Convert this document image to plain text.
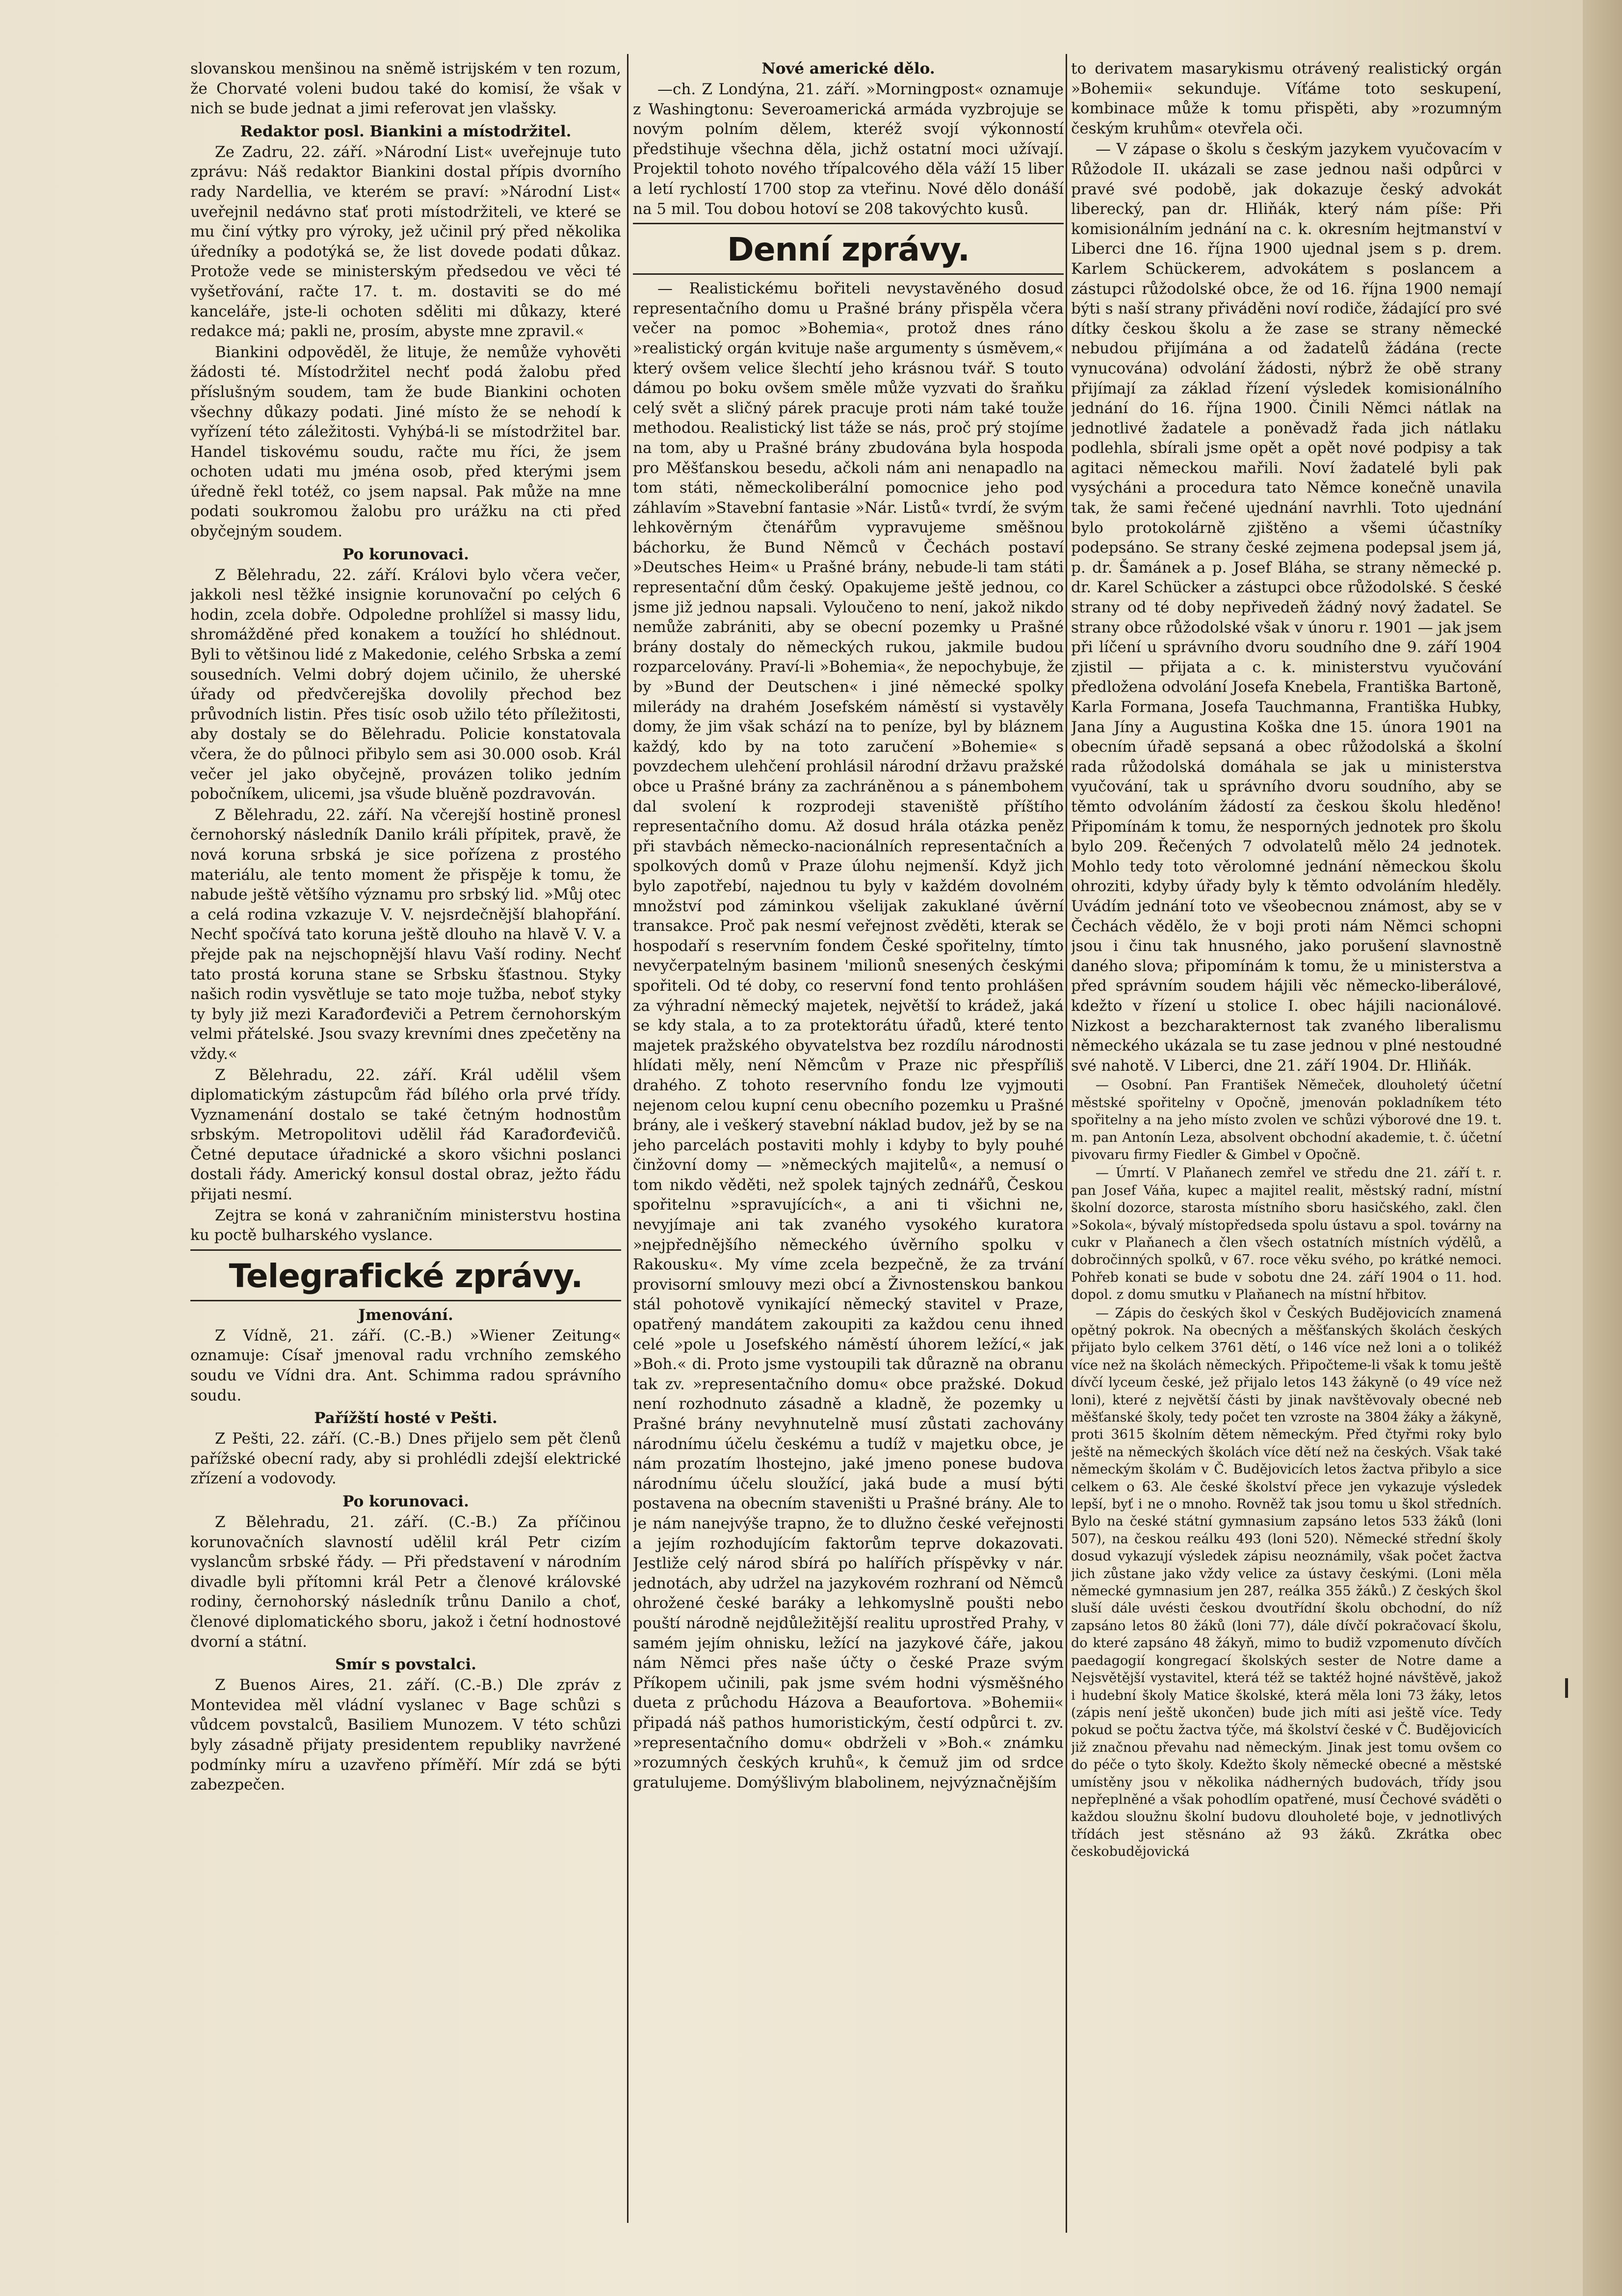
slovanskou menšinou na sněmě istrijském v ten rozum, že Chorvaté voleni budou také do komisí, že však v nich se bude jednat a jimi referovat jen vlašsky.

Redaktor posl. Biankini a místodržitel.

Ze Zadru, 22. září. »Národní List« uveřejnuje tuto zprávu: Náš redaktor Biankini dostal přípis dvorního rady Nardellia, ve kterém se praví: »Národní List« uveřejnil nedávno stať proti místodržiteli, ve které se mu činí výtky pro výroky, jež učinil prý před několika úředníky a podotýká se, že list dovede podati důkaz. Protože vede se ministerským předsedou ve věci té vyšetřování, račte 17. t. m. dostaviti se do mé kanceláře, jste-li ochoten sděliti mi důkazy, které redakce má; pakli ne, prosím, abyste mne zpravil.«

Biankini odpověděl, že lituje, že nemůže vyhověti žádosti té. Místodržitel nechť podá žalobu před příslušným soudem, tam že bude Biankini ochoten všechny důkazy podati. Jiné místo že se nehodí k vyřízení této záležitosti. Vyhýbá-li se místodržitel bar. Handel tiskovému soudu, račte mu říci, že jsem ochoten udati mu jména osob, před kterými jsem úředně řekl totéž, co jsem napsal. Pak může na mne podati soukromou žalobu pro urážku na cti před obyčejným soudem.

Po korunovaci.

Z Bělehradu, 22. září. Královi bylo včera večer, jakkoli nesl těžké insignie korunovační po celých 6 hodin, zcela dobře. Odpoledne prohlížel si massy lidu, shromážděné před konakem a toužící ho shlédnout. Byli to většinou lidé z Makedonie, celého Srbska a zemí sousedních. Velmi dobrý dojem učinilo, že uherské úřady od předvčerejška dovolily přechod bez průvodních listin. Přes tisíc osob užilo této příležitosti, aby dostaly se do Bělehradu. Policie konstatovala včera, že do půlnoci přibylo sem asi 30.000 osob. Král večer jel jako obyčejně, provázen toliko jedním pobočníkem, ulicemi, jsa všude bluěně pozdravován.

Z Bělehradu, 22. září. Na včerejší hostině pronesl černohorský následník Danilo králi přípitek, pravě, že nová koruna srbská je sice pořízena z prostého materiálu, ale tento moment že přispěje k tomu, že nabude ještě většího významu pro srbský lid. »Můj otec a celá rodina vzkazuje V. V. nejsrdečnější blahopřání. Nechť spočívá tato koruna ještě dlouho na hlavě V. V. a přejde pak na nejschopnější hlavu Vaší rodiny. Nechť tato prostá koruna stane se Srbsku šťastnou. Styky našich rodin vysvětluje se tato moje tužba, neboť styky ty byly již mezi Karađorđeviči a Petrem černohorským velmi přátelské. Jsou svazy krevními dnes zpečetěny na vždy.«

Z Bělehradu, 22. září. Král udělil všem diplomatickým zástupcům řád bílého orla prvé třídy. Vyznamenání dostalo se také četným hodnostům srbským. Metropolitovi udělil řád Karađorđevičů. Četné deputace úřadnické a skoro všichni poslanci dostali řády. Americký konsul dostal obraz, ježto řádu přijati nesmí.

Zejtra se koná v zahraničním ministerstvu hostina ku poctě bulharského vyslance.

Telegrafické zprávy.
Jmenování.

Z Vídně, 21. září. (C.-B.) »Wiener Zeitung« oznamuje: Císař jmenoval radu vrchního zemského soudu ve Vídni dra. Ant. Schimma radou správního soudu.

Pařížští hosté v Pešti.

Z Pešti, 22. září. (C.-B.) Dnes přijelo sem pět členů pařížské obecní rady, aby si prohlédli zdejší elektrické zřízení a vodovody.

Po korunovaci.

Z Bělehradu, 21. září. (C.-B.) Za příčinou korunovačních slavností udělil král Petr cizím vyslancům srbské řády. — Při představení v národním divadle byli přítomni král Petr a členové královské rodiny, černohorský následník trůnu Danilo a choť, členové diplomatického sboru, jakož i četní hodnostové dvorní a státní.

Smír s povstalci.

Z Buenos Aires, 21. září. (C.-B.) Dle zpráv z Montevidea měl vládní vyslanec v Bage schůzi s vůdcem povstalců, Basiliem Munozem. V této schůzi byly zásadně přijaty presidentem republiky navržené podmínky míru a uzavřeno příměří. Mír zdá se býti zabezpečen.

Nové americké dělo.

—ch. Z Londýna, 21. září. »Morningpost« oznamuje z Washingtonu: Severoamerická armáda vyzbrojuje se novým polním dělem, kteréž svojí výkonností předstihuje všechna děla, jichž ostatní moci užívají. Projektil tohoto nového třípalcového děla váží 15 liber a letí rychlostí 1700 stop za vteřinu. Nové dělo donáší na 5 mil. Tou dobou hotoví se 208 takovýchto kusů.

Denní zprávy.

— Realistickému bořiteli nevystavěného dosud representačního domu u Prašné brány přispěla včera večer na pomoc »Bohemia«, protož dnes ráno »realistický orgán kvituje naše argumenty s úsměvem,« který ovšem velice šlechtí jeho krásnou tvář. S touto dámou po boku ovšem směle může vyzvati do šraňku celý svět a sličný párek pracuje proti nám také touže methodou. Realistický list táže se nás, proč prý stojíme na tom, aby u Prašné brány zbudována byla hospoda pro Měšťanskou besedu, ačkoli nám ani nenapadlo na tom státi, německoliberální pomocnice jeho pod záhlavím »Stavební fantasie »Nár. Listů« tvrdí, že svým lehkověrným čtenářům vypravujeme směšnou báchorku, že Bund Němců v Čechách postaví »Deutsches Heim« u Prašné brány, nebude-li tam státi representační dům český. Opakujeme ještě jednou, co jsme již jednou napsali. Vyloučeno to není, jakož nikdo nemůže zabrániti, aby se obecní pozemky u Prašné brány dostaly do německých rukou, jakmile budou rozparcelovány. Praví-li »Bohemia«, že nepochybuje, že by »Bund der Deutschen« i jiné německé spolky milerády na drahém Josefském náměstí si vystavěly domy, že jim však schází na to peníze, byl by bláznem každý, kdo by na toto zaručení »Bohemie« s povzdechem ulehčení prohlásil národní državu pražské obce u Prašné brány za zachráněnou a s pánembohem dal svolení k rozprodeji staveniště příštího representačního domu. Až dosud hrála otázka peněz při stavbách německo-nacionálních representačních a spolkových domů v Praze úlohu nejmenší. Když jich bylo zapotřebí, najednou tu byly v každém dovolném množství pod záminkou všelijak zakuklané úvěrní transakce. Proč pak nesmí veřejnost zvěděti, kterak se hospodaří s reservním fondem České spořitelny, tímto nevyčerpatelným basinem 'milionů snesených českými spořiteli. Od té doby, co reservní fond tento prohlášen za výhradní německý majetek, největší to krádež, jaká se kdy stala, a to za protektorátu úřadů, které tento majetek pražského obyvatelstva bez rozdílu národnosti hlídati měly, není Němcům v Praze nic přespříliš drahého. Z tohoto reservního fondu lze vyjmouti nejenom celou kupní cenu obecního pozemku u Prašné brány, ale i veškerý stavební náklad budov, jež by se na jeho parcelách postaviti mohly i kdyby to byly pouhé činžovní domy — »německých majitelů«, a nemusí o tom nikdo věděti, než spolek tajných zednářů, Českou spořitelnu »spravujících«, a ani ti všichni ne, nevyjímaje ani tak zvaného vysokého kuratora »nejpřednějšího německého úvěrního spolku v Rakousku«. My víme zcela bezpečně, že za trvání provisorní smlouvy mezi obcí a Živnostenskou bankou stál pohotově vynikající německý stavitel v Praze, opatřený mandátem zakoupiti za každou cenu ihned celé »pole u Josefského náměstí úhorem ležící,« jak »Boh.« di. Proto jsme vystoupili tak důrazně na obranu tak zv. »representačního domu« obce pražské. Dokud není rozhodnuto zásadně a kladně, že pozemky u Prašné brány nevyhnutelně musí zůstati zachovány národnímu účelu českému a tudíž v majetku obce, je nám prozatím lhostejno, jaké jmeno ponese budova národnímu účelu sloužící, jaká bude a musí býti postavena na obecním staveništi u Prašné brány. Ale to je nám nanejvýše trapno, že to dlužno české veřejnosti a jejím rozhodujícím faktorům teprve dokazovati. Jestliže celý národ sbírá po halířích příspěvky v nár. jednotách, aby udržel na jazykovém rozhraní od Němců ohrožené české baráky a lehkomyslně poušti nebo pouští národně nejdůležitější realitu uprostřed Prahy, v samém jejím ohnisku, ležící na jazykové čáře, jakou nám Němci přes naše účty o české Praze svým Příkopem učinili, pak jsme svém hodni výsměšného dueta z průchodu Házova a Beaufortova. »Bohemii« připadá náš pathos humoristickým, čestí odpůrci t. zv. »representačního domu« obdrželi v »Boh.« známku »rozumných českých kruhů«, k čemuž jim od srdce gratulujeme. Domýšlivým blabolinem, nejvýznačnějším

to derivatem masarykismu otrávený realistický orgán »Bohemii« sekunduje. Víťáme toto seskupení, kombinace může k tomu přispěti, aby »rozumným českým kruhům« otevřela oči.

— V zápase o školu s českým jazykem vyučovacím v Růžodole II. ukázali se zase jednou naši odpůrci v pravé své podobě, jak dokazuje český advokát liberecký, pan dr. Hliňák, který nám píše: Při komisionálním jednání na c. k. okresním hejtmanství v Liberci dne 16. října 1900 ujednal jsem s p. drem. Karlem Schückerem, advokátem s poslancem a zástupci růžodolské obce, že od 16. října 1900 nemají býti s naší strany přiváděni noví rodiče, žádající pro své dítky českou školu a že zase se strany německé nebudou přijímána a od žadatelů žádána (recte vynucována) odvolání žádosti, nýbrž že obě strany přijímají za základ řízení výsledek komisionálního jednání do 16. října 1900. Činili Němci nátlak na jednotlivé žadatele a poněvadž řada jich nátlaku podlehla, sbírali jsme opět a opět nové podpisy a tak agitaci německou mařili. Noví žadatelé byli pak vysýcháni a procedura tato Němce konečně unavila tak, že sami řečené ujednání navrhli. Toto ujednání bylo protokolárně zjištěno a všemi účastníky podepsáno. Se strany české zejmena podepsal jsem já, p. dr. Šamánek a p. Josef Bláha, se strany německé p. dr. Karel Schücker a zástupci obce růžodolské. S české strany od té doby nepřivedeň žádný nový žadatel. Se strany obce růžodolské však v únoru r. 1901 — jak jsem při líčení u správního dvoru soudního dne 9. září 1904 zjistil — přijata a c. k. ministerstvu vyučování předložena odvolání Josefa Knebela, Františka Bartoně, Karla Formana, Josefa Tauchmanna, Františka Hubky, Jana Jíny a Augustina Koška dne 15. února 1901 na obecním úřadě sepsaná a obec růžodolská a školní rada růžodolská domáhala se jak u ministerstva vyučování, tak u správního dvoru soudního, aby se těmto odvoláním žádostí za českou školu hleděno! Připomínám k tomu, že nesporných jednotek pro školu bylo 209. Řečených 7 odvolatelů mělo 24 jednotek. Mohlo tedy toto věrolomné jednání německou školu ohroziti, kdyby úřady byly k těmto odvoláním hleděly. Uvádím jednání toto ve všeobecnou známost, aby se v Čechách vědělo, že v boji proti nám Němci schopni jsou i činu tak hnusného, jako porušení slavnostně daného slova; připomínám k tomu, že u ministerstva a před správním soudem hájili věc německo-liberálové, kdežto v řízení u stolice I. obec hájili nacionálové. Nizkost a bezcharakternost tak zvaného liberalismu německého ukázala se tu zase jednou v plné nestoudné své nahotě. V Liberci, dne 21. září 1904. Dr. Hliňák.

— Osobní. Pan František Němeček, dlouholetý účetní městské spořitelny v Opočně, jmenován pokladníkem této spořitelny a na jeho místo zvolen ve schůzi výborové dne 19. t. m. pan Antonín Leza, absolvent obchodní akademie, t. č. účetní pivovaru firmy Fiedler & Gimbel v Opočně.

— Úmrtí. V Plaňanech zemřel ve středu dne 21. září t. r. pan Josef Váňa, kupec a majitel realit, městský radní, místní školní dozorce, starosta místního sboru hasičského, zakl. člen »Sokola«, bývalý místopředseda spolu ústavu a spol. továrny na cukr v Plaňanech a člen všech ostatních místních výdělů, a dobročinných spolků, v 67. roce věku svého, po krátké nemoci. Pohřeb konati se bude v sobotu dne 24. září 1904 o 11. hod. dopol. z domu smutku v Plaňanech na místní hřbitov.

— Zápis do českých škol v Českých Budějovicích znamená opětný pokrok. Na obecných a měšťanských školách českých přijato bylo celkem 3761 dětí, o 146 více než loni a o tolikéž více než na školách německých. Připočteme-li však k tomu ještě dívčí lyceum české, jež přijalo letos 143 žákyně (o 49 více než loni), které z největší části by jinak navštěvovaly obecné neb měšťanské školy, tedy počet ten vzroste na 3804 žáky a žákyně, proti 3615 školním dětem německým. Před čtyřmi roky bylo ještě na německých školách více dětí než na českých. Však také německým školám v Č. Budějovicích letos žactva přibylo a sice celkem o 63. Ale české školství přece jen vykazuje výsledek lepší, byť i ne o mnoho. Rovněž tak jsou tomu u škol středních. Bylo na české státní gymnasium zapsáno letos 533 žáků (loni 507), na českou reálku 493 (loni 520). Německé střední školy dosud vykazují výsledek zápisu neoznámily, však počet žactva jich zůstane jako vždy velice za ústavy českými. (Loni měla německé gymnasium jen 287, reálka 355 žáků.) Z českých škol sluší dále uvésti českou dvoutřídní školu obchodní, do níž zapsáno letos 80 žáků (loni 77), dále dívčí pokračovací školu, do které zapsáno 48 žákyň, mimo to budiž vzpomenuto dívčích paedagogií kongregací školských sester de Notre dame a Nejsvětější vystavitel, která též se taktéž hojné návštěvě, jakož i hudební školy Matice školské, která měla loni 73 žáky, letos (zápis není ještě ukončen) bude jich míti asi ještě více. Tedy pokud se počtu žactva týče, má školství české v Č. Budějovicích již značnou převahu nad německým. Jinak jest tomu ovšem co do péče o tyto školy. Kdežto školy německé obecné a městské umístěny jsou v několika nádherných budovách, třídy jsou nepřeplněné a však pohodlím opatřené, musí Čechové sváděti o každou sloužnu školní budovu dlouholeté boje, v jednotlivých třídách jest stěsnáno až 93 žáků. Zkrátka obec českobudějovická
